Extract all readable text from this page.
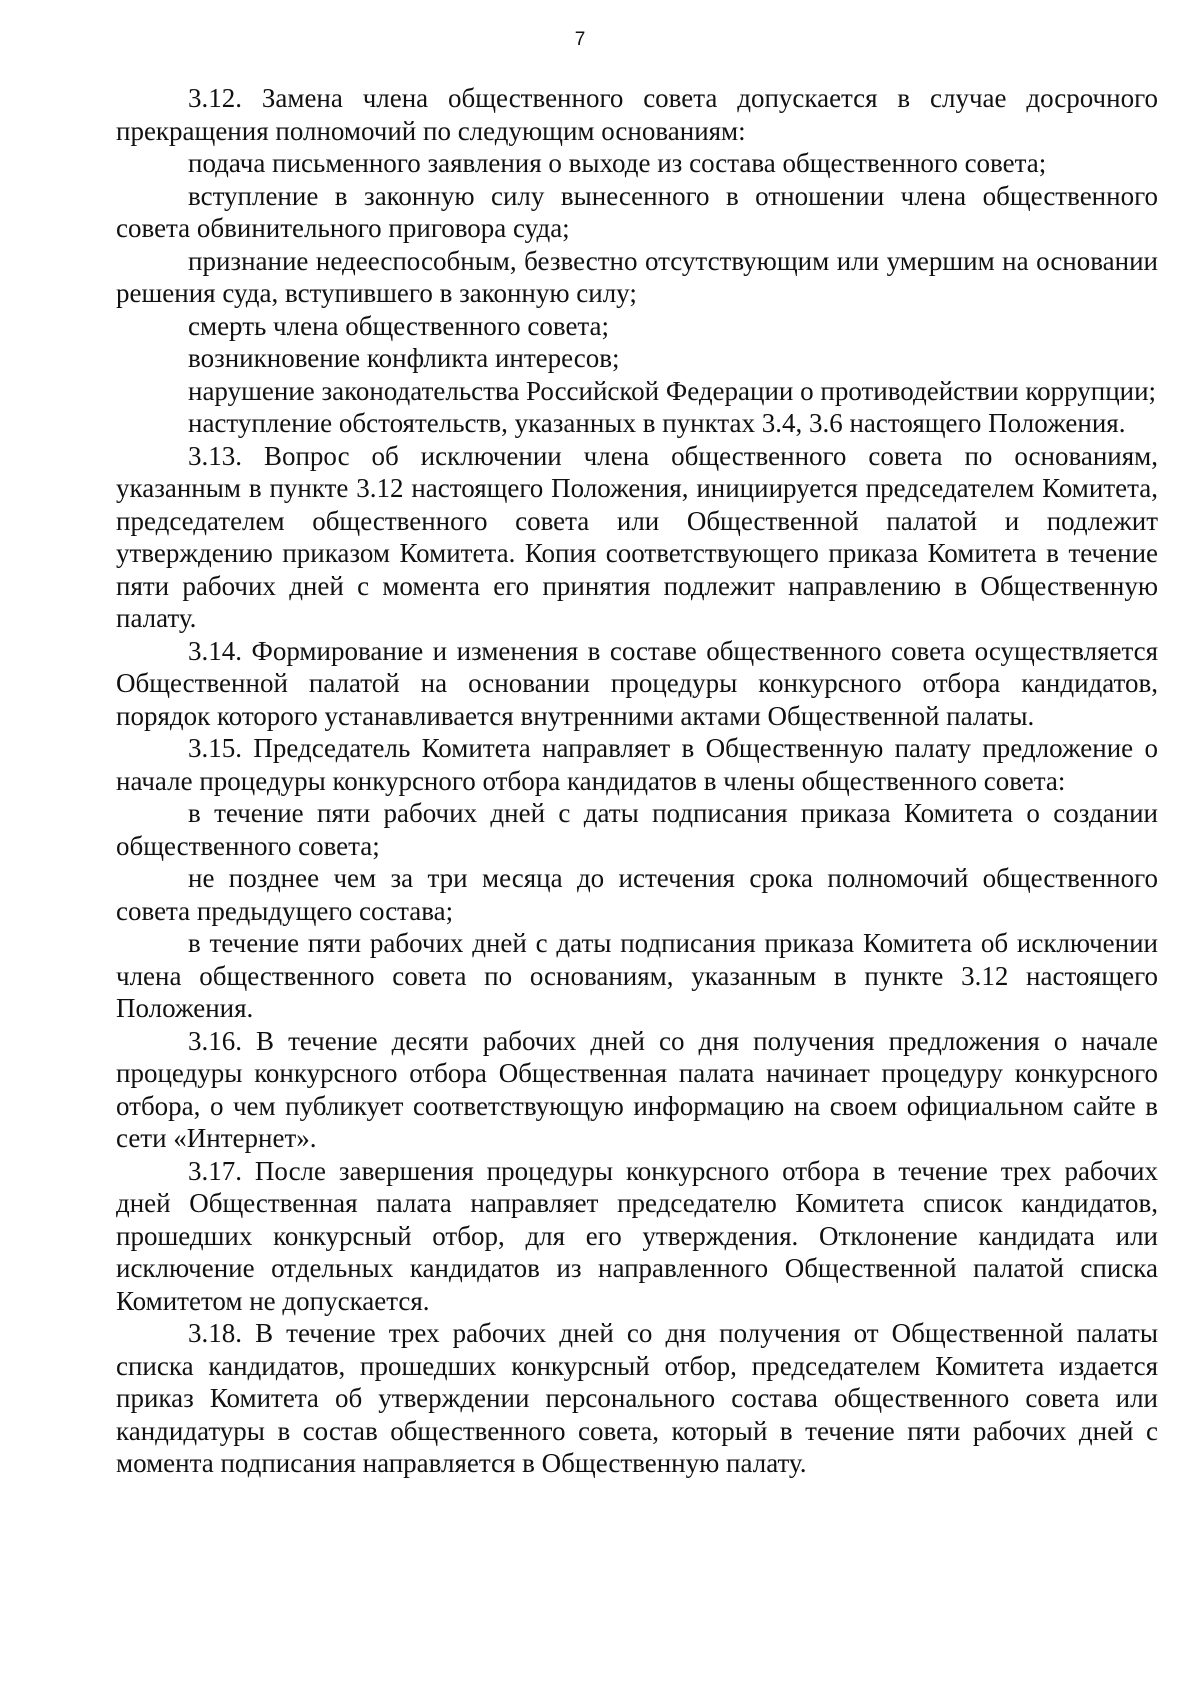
7

3.12. Замена члена общественного совета допускается в случае досрочного прекращения полномочий по следующим основаниям:

подача письменного заявления о выходе из состава общественного совета;

вступление в законную силу вынесенного в отношении члена общественного совета обвинительного приговора суда;

признание недееспособным, безвестно отсутствующим или умершим на основании решения суда, вступившего в законную силу;

смерть члена общественного совета;

возникновение конфликта интересов;

нарушение законодательства Российской Федерации о противодействии коррупции;

наступление обстоятельств, указанных в пунктах 3.4, 3.6 настоящего Положения.

3.13. Вопрос об исключении члена общественного совета по основаниям, указанным в пункте 3.12 настоящего Положения, инициируется председателем Комитета, председателем общественного совета или Общественной палатой и подлежит утверждению приказом Комитета. Копия соответствующего приказа Комитета в течение пяти рабочих дней с момента его принятия подлежит направлению в Общественную палату.

3.14. Формирование и изменения в составе общественного совета осуществляется Общественной палатой на основании процедуры конкурсного отбора кандидатов, порядок которого устанавливается внутренними актами Общественной палаты.

3.15. Председатель Комитета направляет в Общественную палату предложение о начале процедуры конкурсного отбора кандидатов в члены общественного совета:

в течение пяти рабочих дней с даты подписания приказа Комитета о создании общественного совета;

не позднее чем за три месяца до истечения срока полномочий общественного совета предыдущего состава;

в течение пяти рабочих дней с даты подписания приказа Комитета об исключении члена общественного совета по основаниям, указанным в пункте 3.12 настоящего Положения.

3.16. В течение десяти рабочих дней со дня получения предложения о начале процедуры конкурсного отбора Общественная палата начинает процедуру конкурсного отбора, о чем публикует соответствующую информацию на своем официальном сайте в сети «Интернет».

3.17. После завершения процедуры конкурсного отбора в течение трех рабочих дней Общественная палата направляет председателю Комитета список кандидатов, прошедших конкурсный отбор, для его утверждения. Отклонение кандидата или исключение отдельных кандидатов из направленного Общественной палатой списка Комитетом не допускается.

3.18. В течение трех рабочих дней со дня получения от Общественной палаты списка кандидатов, прошедших конкурсный отбор, председателем Комитета издается приказ Комитета об утверждении персонального состава общественного совета или кандидатуры в состав общественного совета, который в течение пяти рабочих дней с момента подписания направляется в Общественную палату.
